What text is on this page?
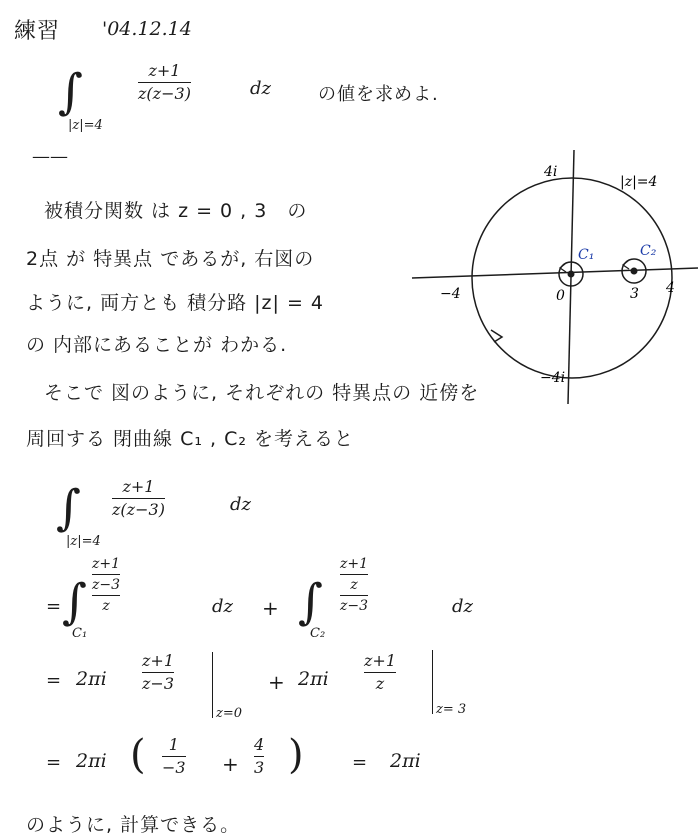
練習 '04.12.14
∫
|z|=4
z+1
z(z−3)	dz	の値を求めよ.
——
被積分関数 は z = 0 , 3　の
2点 が 特異点 であるが, 右図の
ように, 両方とも 積分路 |z| = 4
の 内部にあることが わかる.
そこで 図のように, それぞれの 特異点の 近傍を
周回する 閉曲線 C₁ , C₂ を考えると
4i
−4i
−4	4
0	3
|z|=4
C₁	C₂
∫
|z|=4
z+1
z(z−3)	dz
= ∫
C₁
z+1
z−3
z	dz + ∫
C₂
z+1
z
z−3	dz
= 2πi
z+1
z−3
z=0
+ 2πi
z+1
z
z= 3
= 2πi ( 1
−3 +
4
3 )	= 2πi
のように, 計算できる。
